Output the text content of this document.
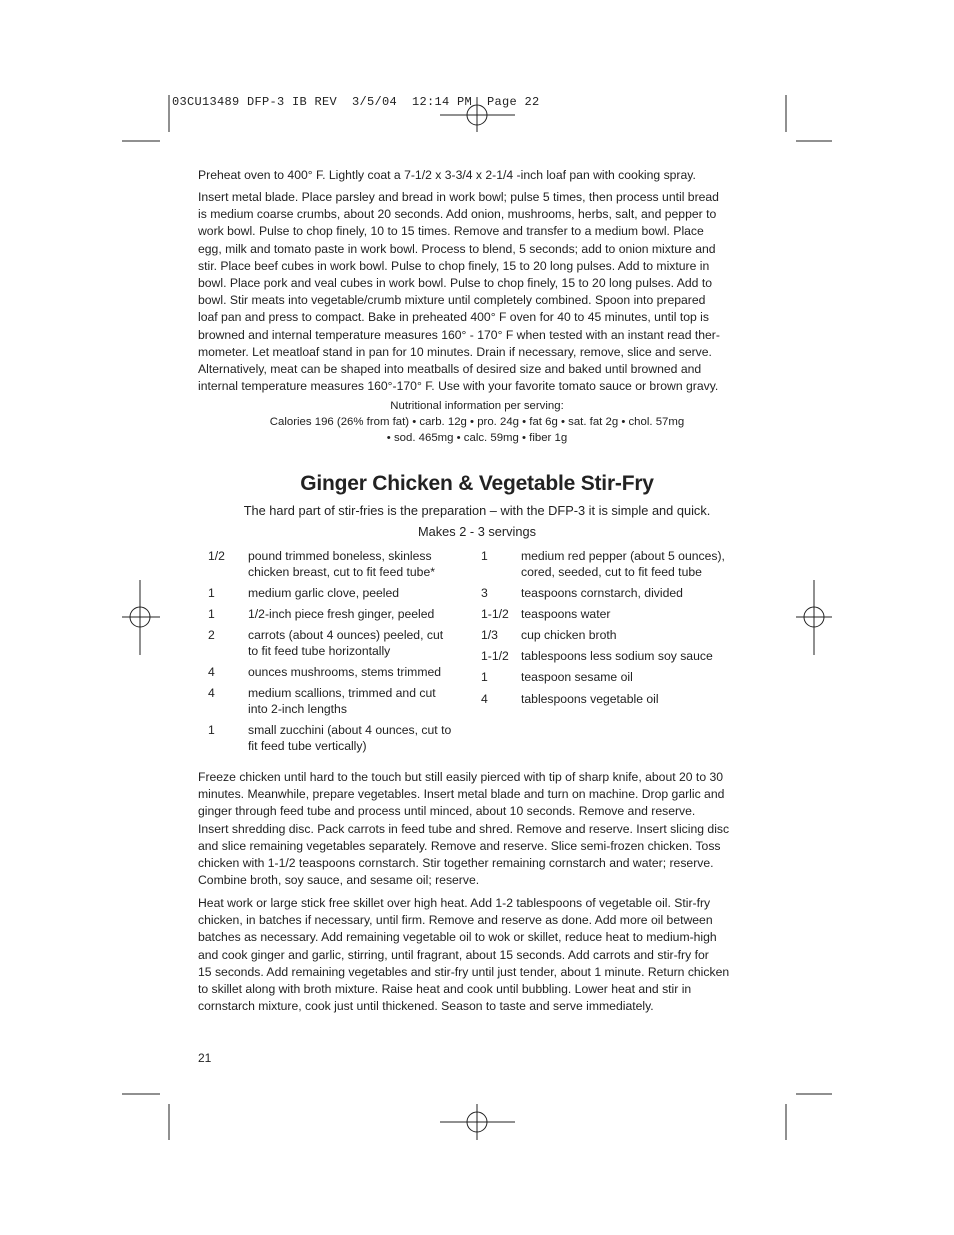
03CU13489 DFP-3 IB REV  3/5/04  12:14 PM  Page 22

Preheat oven to 400° F. Lightly coat a 7-1/2 x 3-3/4 x 2-1/4 -inch loaf pan with cooking spray.

Insert metal blade. Place parsley and bread in work bowl; pulse 5 times, then process until bread
is medium coarse crumbs, about 20 seconds. Add onion, mushrooms, herbs, salt, and pepper to
work bowl. Pulse to chop finely, 10 to 15 times. Remove and transfer to a medium bowl. Place
egg, milk and tomato paste in work bowl. Process to blend, 5 seconds; add to onion mixture and
stir. Place beef cubes in work bowl. Pulse to chop finely, 15 to 20 long pulses. Add to mixture in
bowl. Place pork and veal cubes in work bowl. Pulse to chop finely, 15 to 20 long pulses. Add to
bowl. Stir meats into vegetable/crumb mixture until completely combined. Spoon into prepared
loaf pan and press to compact. Bake in preheated 400° F oven for 40 to 45 minutes, until top is
browned and internal temperature measures 160° - 170° F when tested with an instant read ther-
mometer. Let meatloaf stand in pan for 10 minutes. Drain if necessary, remove, slice and serve.
Alternatively, meat can be shaped into meatballs of desired size and baked until browned and
internal temperature measures 160°-170° F. Use with your favorite tomato sauce or brown gravy.
Nutritional information per serving:
Calories 196 (26% from fat) • carb. 12g • pro. 24g • fat 6g • sat. fat 2g • chol. 57mg
• sod. 465mg • calc. 59mg • fiber 1g
Ginger Chicken & Vegetable Stir-Fry
The hard part of stir-fries is the preparation – with the DFP-3 it is simple and quick.
Makes 2 - 3 servings
1/2 pound trimmed boneless, skinless
chicken breast, cut to fit feed tube*
1	medium garlic clove, peeled
1	1/2-inch piece fresh ginger, peeled
2	carrots (about 4 ounces) peeled, cut
to fit feed tube horizontally
4	ounces mushrooms, stems trimmed
4	medium scallions, trimmed and cut
into 2-inch lengths
1	small zucchini (about 4 ounces, cut to
fit feed tube vertically)
1	medium red pepper (about 5 ounces),
cored, seeded, cut to fit feed tube
3	teaspoons cornstarch, divided
1-1/2 teaspoons water
1/3 cup chicken broth
1-1/2 tablespoons less sodium soy sauce
1	teaspoon sesame oil
4	tablespoons vegetable oil
Freeze chicken until hard to the touch but still easily pierced with tip of sharp knife, about 20 to 30
minutes. Meanwhile, prepare vegetables. Insert metal blade and turn on machine. Drop garlic and
ginger through feed tube and process until minced, about 10 seconds. Remove and reserve.
Insert shredding disc. Pack carrots in feed tube and shred. Remove and reserve. Insert slicing disc
and slice remaining vegetables separately. Remove and reserve. Slice semi-frozen chicken. Toss
chicken with 1-1/2 teaspoons cornstarch. Stir together remaining cornstarch and water; reserve.
Combine broth, soy sauce, and sesame oil; reserve.
Heat work or large stick free skillet over high heat. Add 1-2 tablespoons of vegetable oil. Stir-fry
chicken, in batches if necessary, until firm. Remove and reserve as done. Add more oil between
batches as necessary. Add remaining vegetable oil to wok or skillet, reduce heat to medium-high
and cook ginger and garlic, stirring, until fragrant, about 15 seconds. Add carrots and stir-fry for
15 seconds. Add remaining vegetables and stir-fry until just tender, about 1 minute. Return chicken
to skillet along with broth mixture. Raise heat and cook until bubbling. Lower heat and stir in
cornstarch mixture, cook just until thickened. Season to taste and serve immediately.
21
